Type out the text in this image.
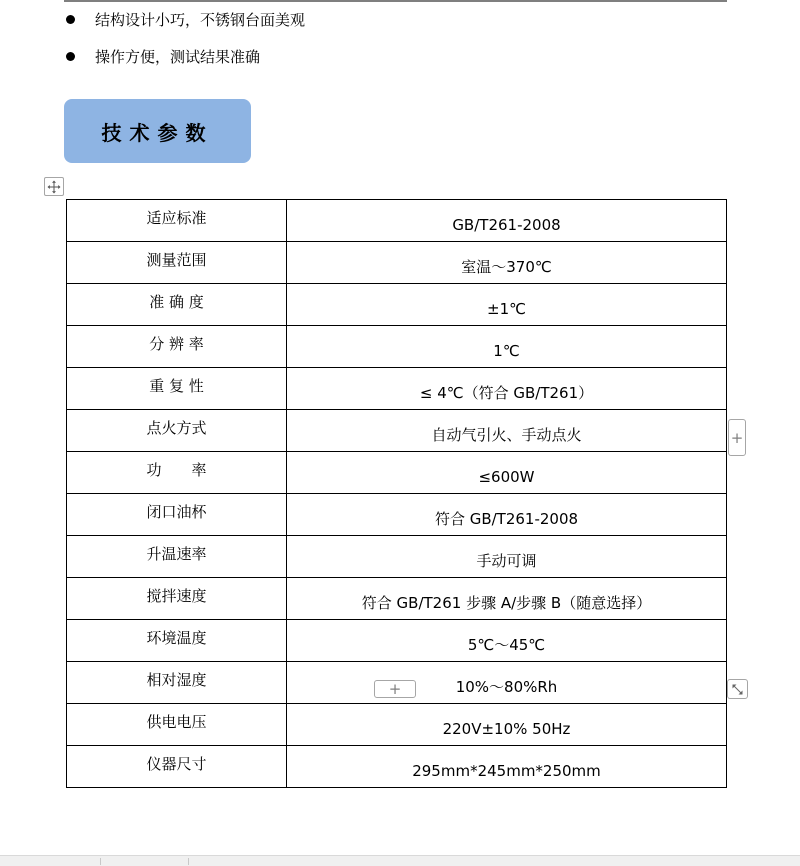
结构设计小巧，不锈钢台面美观
操作方便，测试结果准确
技术参数
适应标准	GB/T261-2008
测量范围	室温～370℃
准 确 度	±1℃
分 辨 率	1℃
重 复 性	≤ 4℃（符合 GB/T261）
点火方式	自动气引火、手动点火
功　　率	≤600W
闭口油杯	符合 GB/T261-2008
升温速率	手动可调
搅拌速度	符合 GB/T261 步骤 A/步骤 B（随意选择）
环境温度	5℃～45℃
相对湿度	10%～80%Rh
供电电压	220V±10% 50Hz
仪器尺寸	295mm*245mm*250mm
+
+
